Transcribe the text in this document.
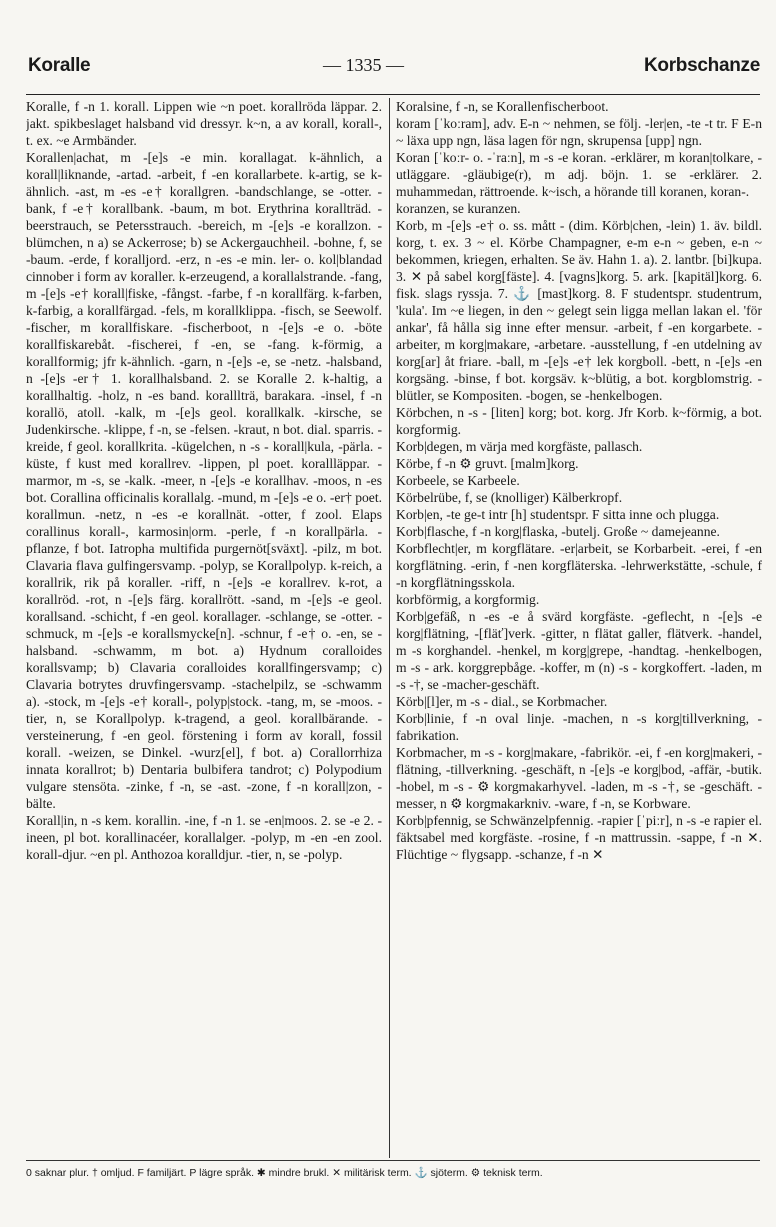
Koralle	— 1335 —	Korbschanze

Koralle, f -n 1. korall. Lippen wie ~n poet. korallröda läppar. 2. jakt. spikbeslaget halsband vid dressyr. k~n, a av korall, korall-, t. ex. ~e Armbänder.

Korallen|achat, m -[e]s -e min. korallagat. k-ähnlich, a korall|liknande, -artad. -arbeit, f -en korallarbete. k-artig, se k-ähnlich. -ast, m -es -e† korallgren. -bandschlange, se -otter. -bank, f -e† korallbank. -baum, m bot. Erythrina korallträd. -beerstrauch, se Petersstrauch. -bereich, m -[e]s -e korallzon. -blümchen, n a) se Ackerrose; b) se Ackergauchheil. -bohne, f, se -baum. -erde, f koralljord. -erz, n -es -e min. ler- o. kol|blandad cinnober i form av koraller. k-erzeugend, a korallalstrande. -fang, m -[e]s -e† korall|fiske, -fångst. -farbe, f -n korallfärg. k-farben, k-farbig, a korallfärgad. -fels, m korallklippa. -fisch, se Seewolf. -fischer, m korallfiskare. -fischerboot, n -[e]s -e o. -böte korallfiskarebåt. -fischerei, f -en, se -fang. k-förmig, a korallformig; jfr k-ähnlich. -garn, n -[e]s -e, se -netz. -halsband, n -[e]s -er† 1. korallhalsband. 2. se Koralle 2. k-haltig, a korallhaltig. -holz, n -es band. koralllträ, barakara. -insel, f -n korallö, atoll. -kalk, m -[e]s geol. korallkalk. -kirsche, se Judenkirsche. -klippe, f -n, se -felsen. -kraut, n bot. dial. sparris. -kreide, f geol. korallkrita. -kügelchen, n -s - korall|kula, -pärla. -küste, f kust med korallrev. -lippen, pl poet. korallläppar. -marmor, m -s, se -kalk. -meer, n -[e]s -e korallhav. -moos, n -es bot. Corallina officinalis korallalg. -mund, m -[e]s -e o. -er† poet. korallmun. -netz, n -es -e korallnät. -otter, f zool. Elaps corallinus korall-, karmosin|orm. -perle, f -n korallpärla. -pflanze, f bot. Iatropha multifida purgernöt[sväxt]. -pilz, m bot. Clavaria flava gulfingersvamp. -polyp, se Korallpolyp. k-reich, a korallrik, rik på koraller. -riff, n -[e]s -e korallrev. k-rot, a korallröd. -rot, n -[e]s färg. korallrött. -sand, m -[e]s -e geol. korallsand. -schicht, f -en geol. korallager. -schlange, se -otter. -schmuck, m -[e]s -e korallsmycke[n]. -schnur, f -e† o. -en, se -halsband. -schwamm, m bot. a) Hydnum coralloides korallsvamp; b) Clavaria coralloides korallfingersvamp; c) Clavaria botrytes druvfingersvamp. -stachelpilz, se -schwamm a). -stock, m -[e]s -e† korall-, polyp|stock. -tang, m, se -moos. -tier, n, se Korallpolyp. k-tragend, a geol. korallbärande. -versteinerung, f -en geol. förstening i form av korall, fossil korall. -weizen, se Dinkel. -wurz[el], f bot. a) Corallorrhiza innata korallrot; b) Dentaria bulbifera tandrot; c) Polypodium vulgare stensöta. -zinke, f -n, se -ast. -zone, f -n korall|zon, -bälte.

Korall|in, n -s kem. korallin. -ine, f -n 1. se -en|moos. 2. se -e 2. -ineen, pl bot. korallinacéer, korallalger. -polyp, m -en -en zool. korall-djur. ~en pl. Anthozoa koralldjur. -tier, n, se -polyp.

Koralsine, f -n, se Korallenfischerboot.

koram [ˈkoːram], adv. E-n ~ nehmen, se följ. -ler|en, -te -t tr. F E-n ~ läxa upp ngn, läsa lagen för ngn, skrupensa [upp] ngn.

Koran [ˈkoːr- o. -ˈraːn], m -s -e koran. -erklärer, m koran|tolkare, -utläggare. -gläubige(r), m adj. böjn. 1. se -erklärer. 2. muhammedan, rättroende. k~isch, a hörande till koranen, koran-.

koranzen, se kuranzen.

Korb, m -[e]s -e† o. ss. mått - (dim. Körb|chen, -lein) 1. äv. bildl. korg, t. ex. 3 ~ el. Körbe Champagner, e-m e-n ~ geben, e-n ~ bekommen, kriegen, erhalten. Se äv. Hahn 1. a). 2. lantbr. [bi]kupa. 3. ✕ på sabel korg[fäste]. 4. [vagns]korg. 5. ark. [kapitäl]korg. 6. fisk. slags ryssja. 7. ⚓ [mast]korg. 8. F studentspr. studentrum, 'kula'. Im ~e liegen, in den ~ gelegt sein ligga mellan lakan el. 'för ankar', få hålla sig inne efter mensur. -arbeit, f -en korgarbete. -arbeiter, m korg|makare, -arbetare. -ausstellung, f -en utdelning av korg[ar] åt friare. -ball, m -[e]s -e† lek korgboll. -bett, n -[e]s -en korgsäng. -binse, f bot. korgsäv. k~blütig, a bot. korgblomstrig. -blütler, se Kompositen. -bogen, se -henkelbogen.

Körbchen, n -s - [liten] korg; bot. korg. Jfr Korb. k~förmig, a bot. korgformig.

Korb|degen, m värja med korgfäste, pallasch.

Körbe, f -n ⚙ gruvt. [malm]korg.

Korbeele, se Karbeele.

Körbelrübe, f, se (knolliger) Kälberkropf.

Korb|en, -te ge-t intr [h] studentspr. F sitta inne och plugga.

Korb|flasche, f -n korg|flaska, -butelj. Große ~ damejeanne.

Korbflecht|er, m korgflätare. -er|arbeit, se Korbarbeit. -erei, f -en korgflätning. -erin, f -nen korgfläterska. -lehrwerkstätte, -schule, f -n korgflätningsskola.

korbförmig, a korgformig.

Korb|gefäß, n -es -e å svärd korgfäste. -geflecht, n -[e]s -e korg|flätning, -[fläť]verk. -gitter, n flätat galler, flätverk. -handel, m -s korghandel. -henkel, m korg|grepe, -handtag. -henkelbogen, m -s - ark. korggrepbåge. -koffer, m (n) -s - korgkoffert. -laden, m -s -†, se -macher-geschäft.

Körb|[l]er, m -s - dial., se Korbmacher.

Korb|linie, f -n oval linje. -machen, n -s korg|tillverkning, -fabrikation.

Korbmacher, m -s - korg|makare, -fabrikör. -ei, f -en korg|makeri, -flätning, -tillverkning. -geschäft, n -[e]s -e korg|bod, -affär, -butik. -hobel, m -s - ⚙ korgmakarhyvel. -laden, m -s -†, se -geschäft. -messer, n ⚙ korgmakarkniv. -ware, f -n, se Korbware.

Korb|pfennig, se Schwänzelpfennig. -rapier [ˈpiːr], n -s -e rapier el. fäktsabel med korgfäste. -rosine, f -n mattrussin. -sappe, f -n ✕. Flüchtige ~ flygsapp. -schanze, f -n ✕

0 saknar plur. † omljud. F familjärt. P lägre språk. ✱ mindre brukl. ✕ militärisk term. ⚓ sjöterm. ⚙ teknisk term.
